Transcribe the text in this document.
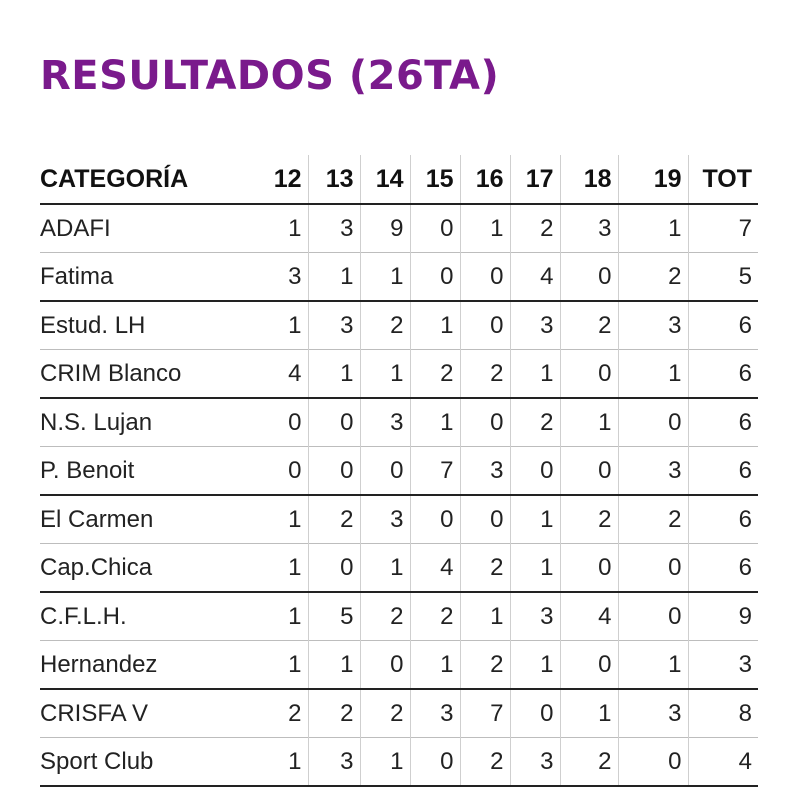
RESULTADOS (26TA)
CATEGORÍA	12	13	14	15	16	17	18	19	TOT
ADAFI	1	3	9	0	1	2	3	1	7
Fatima	3	1	1	0	0	4	0	2	5
Estud. LH	1	3	2	1	0	3	2	3	6
CRIM Blanco	4	1	1	2	2	1	0	1	6
N.S. Lujan	0	0	3	1	0	2	1	0	6
P. Benoit	0	0	0	7	3	0	0	3	6
El Carmen	1	2	3	0	0	1	2	2	6
Cap.Chica	1	0	1	4	2	1	0	0	6
C.F.L.H.	1	5	2	2	1	3	4	0	9
Hernandez	1	1	0	1	2	1	0	1	3
CRISFA V	2	2	2	3	7	0	1	3	8
Sport Club	1	3	1	0	2	3	2	0	4
